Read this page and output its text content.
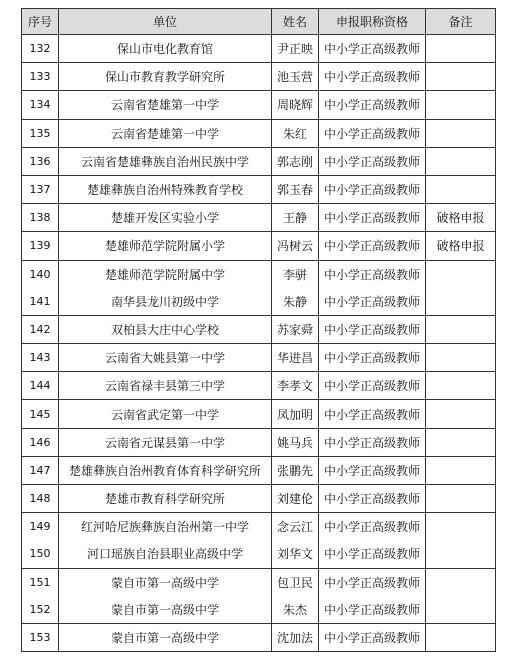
序号	单位	姓名	申报职称资格	备注
132	保山市电化教育馆	尹正映	中小学正高级教师	
133	保山市教育教学研究所	池玉营	中小学正高级教师	
134	云南省楚雄第一中学	周晓辉	中小学正高级教师	
135	云南省楚雄第一中学	朱红	中小学正高级教师	
136	云南省楚雄彝族自治州民族中学	郭志刚	中小学正高级教师	
137	楚雄彝族自治州特殊教育学校	郭玉春	中小学正高级教师	
138	楚雄开发区实验小学	王静	中小学正高级教师	破格申报
139	楚雄师范学院附属小学	冯树云	中小学正高级教师	破格申报
140	楚雄师范学院附属中学	李骈	中小学正高级教师	
141	南华县龙川初级中学	朱静	中小学正高级教师	
142	双柏县大庄中心学校	苏家舜	中小学正高级教师	
143	云南省大姚县第一中学	华进昌	中小学正高级教师	
144	云南省禄丰县第三中学	李孝文	中小学正高级教师	
145	云南省武定第一中学	凤加明	中小学正高级教师	
146	云南省元谋县第一中学	姚马兵	中小学正高级教师	
147	楚雄彝族自治州教育体育科学研究所	张鹏先	中小学正高级教师	
148	楚雄市教育科学研究所	刘建伦	中小学正高级教师	
149	红河哈尼族彝族自治州第一中学	念云江	中小学正高级教师	
150	河口瑶族自治县职业高级中学	刘华文	中小学正高级教师	
151	蒙自市第一高级中学	包卫民	中小学正高级教师	
152	蒙自市第一高级中学	朱杰	中小学正高级教师	
153	蒙自市第一高级中学	沈加法	中小学正高级教师	
